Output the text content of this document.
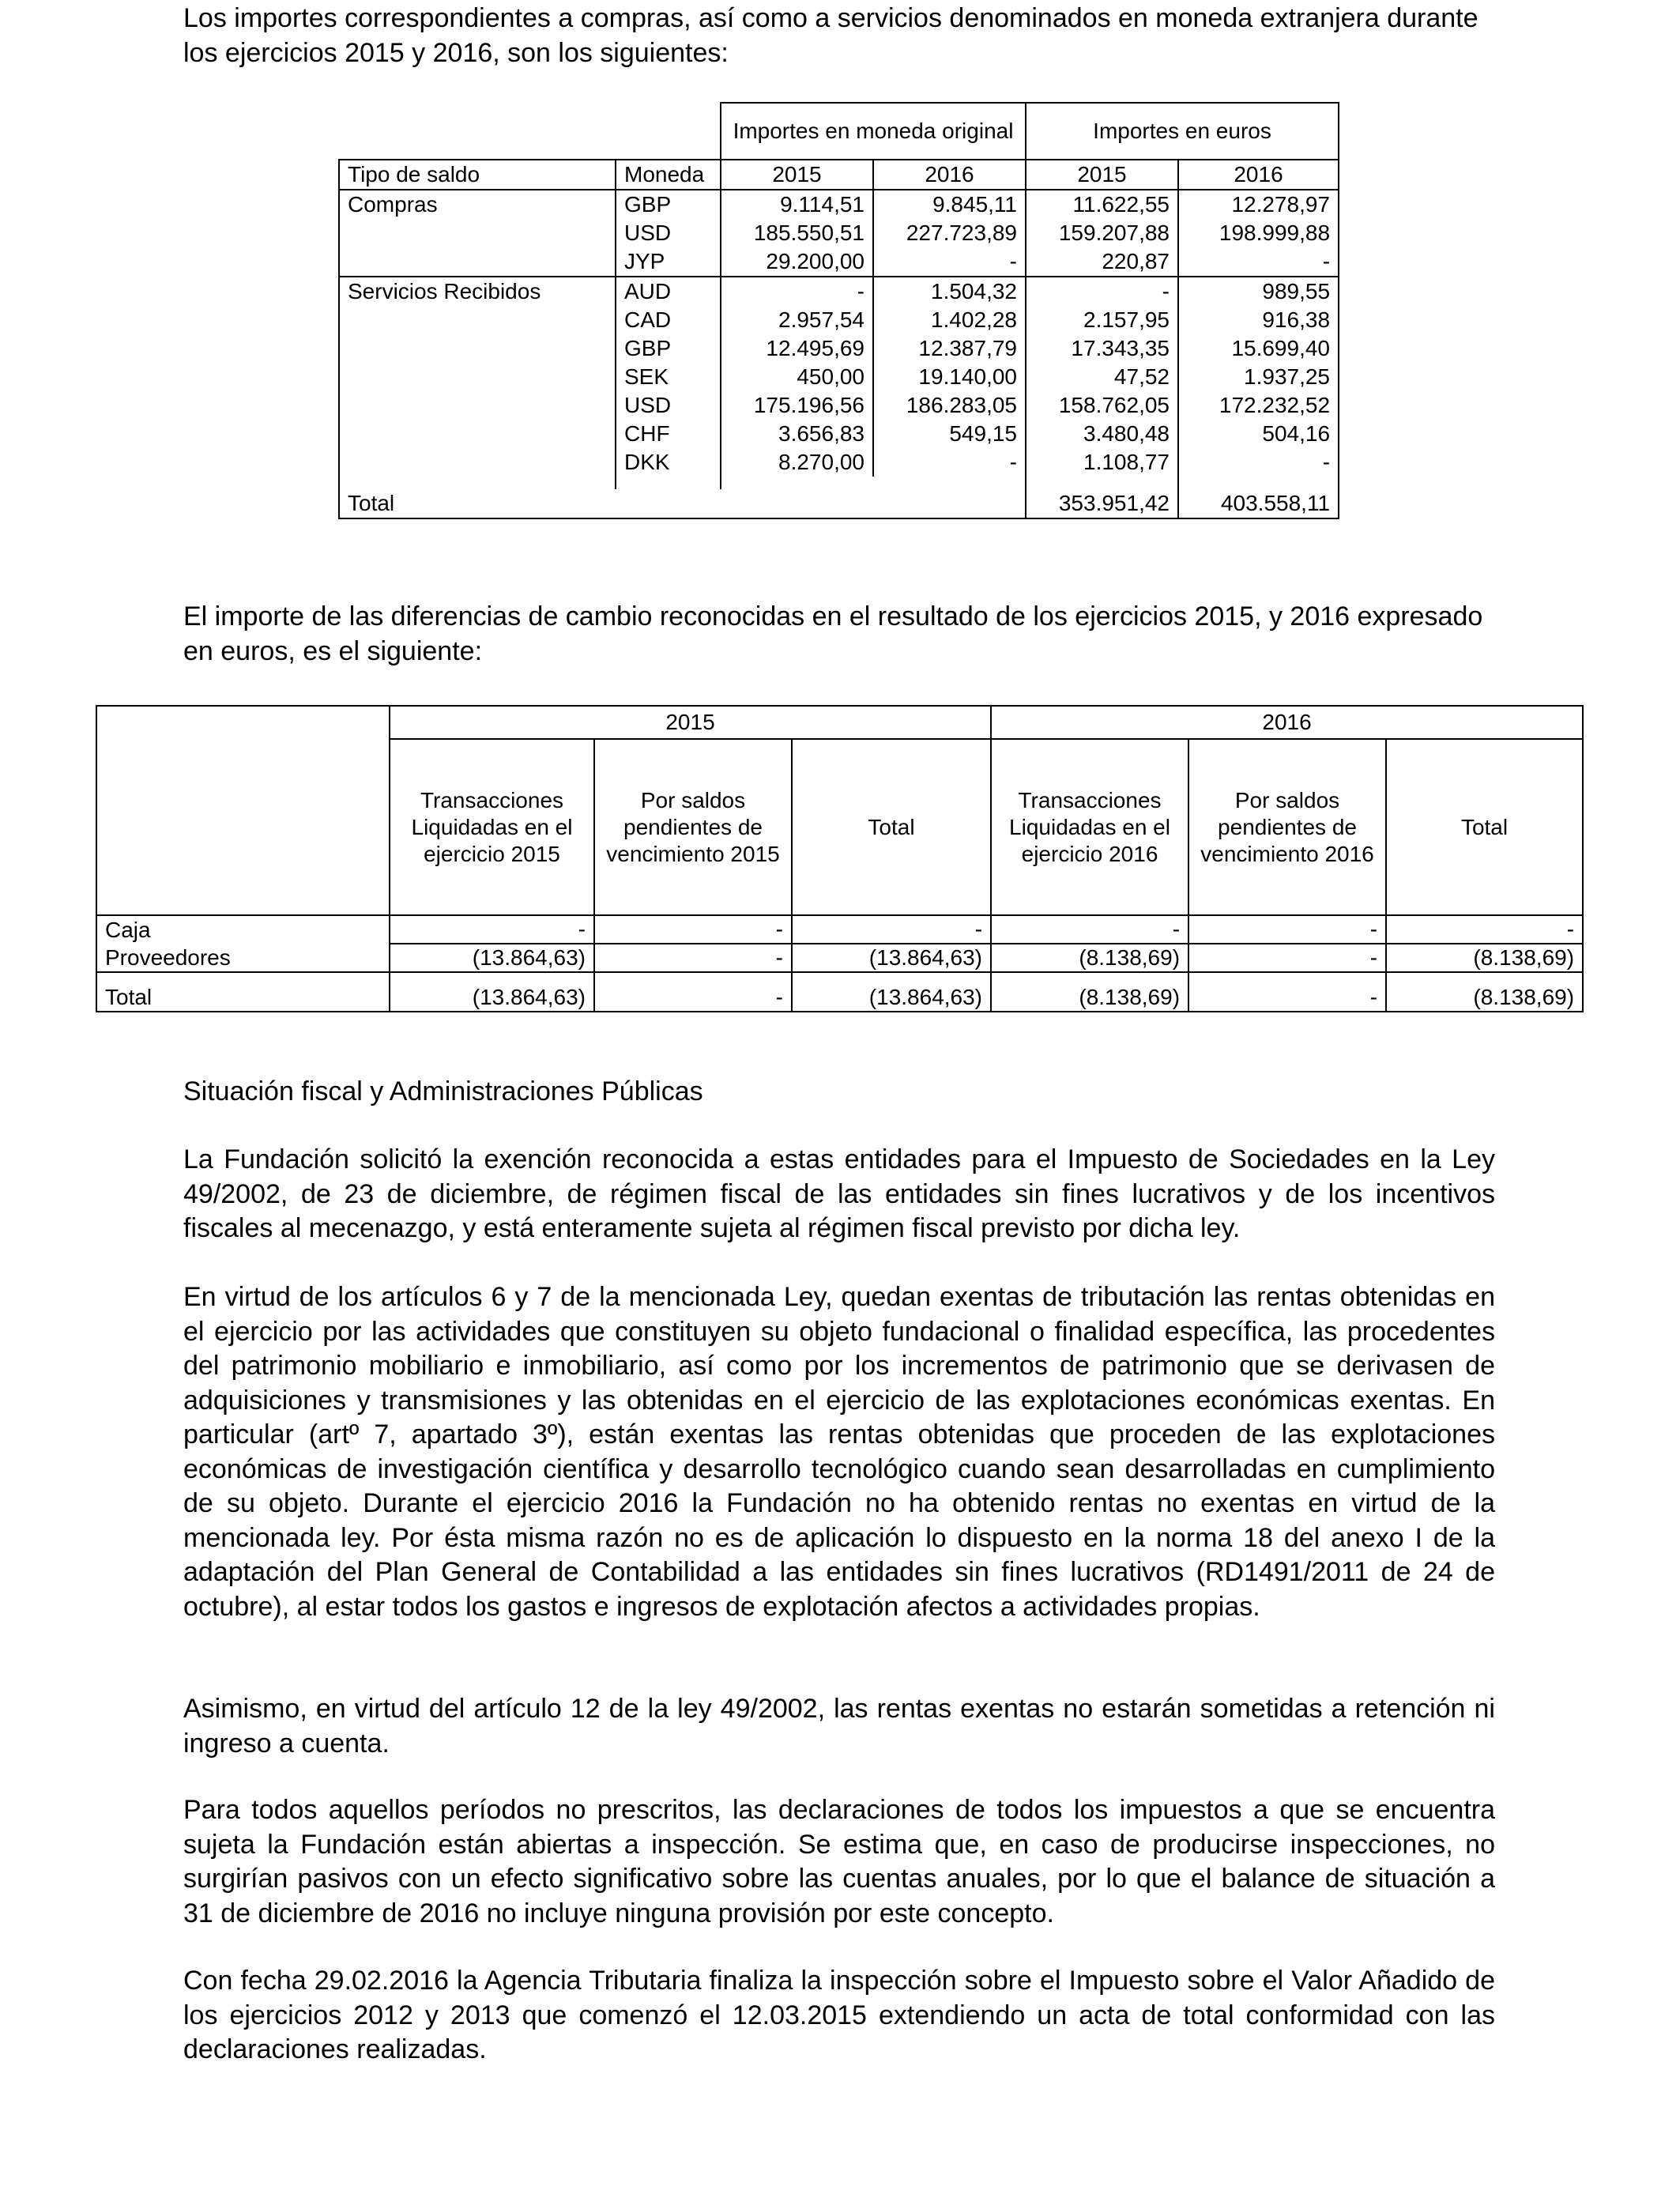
Los importes correspondientes a compras, así como a servicios denominados en moneda extranjera durante los ejercicios 2015 y 2016, son los siguientes:

		Importes en moneda original		Importes en euros	
Tipo de saldo	Moneda	2015	2016	2015	2016
Compras	GBP	9.114,51	9.845,11	11.622,55	12.278,97
	USD	185.550,51	227.723,89	159.207,88	198.999,88
	JYP	29.200,00	-	220,87	-
Servicios Recibidos	AUD	-	1.504,32	-	989,55
	CAD	2.957,54	1.402,28	2.157,95	916,38
	GBP	12.495,69	12.387,79	17.343,35	15.699,40
	SEK	450,00	19.140,00	47,52	1.937,25
	USD	175.196,56	186.283,05	158.762,05	172.232,52
	CHF	3.656,83	549,15	3.480,48	504,16
	DKK	8.270,00	-	1.108,77	-

Total				353.951,42	403.558,11

El importe de las diferencias de cambio reconocidas en el resultado de los ejercicios 2015, y 2016 expresado en euros, es el siguiente:

	2015			2016		
	Transacciones Liquidadas en el ejercicio 2015	Por saldos pendientes de vencimiento 2015	Total	Transacciones Liquidadas en el ejercicio 2016	Por saldos pendientes de vencimiento 2016	Total
Caja	-	-	-	-	-	-
Proveedores	(13.864,63)	-	(13.864,63)	(8.138,69)	-	(8.138,69)

Total	(13.864,63)	-	(13.864,63)	(8.138,69)	-	(8.138,69)

Situación fiscal y Administraciones Públicas

La Fundación solicitó la exención reconocida a estas entidades para el Impuesto de Sociedades en la Ley 49/2002, de 23 de diciembre, de régimen fiscal de las entidades sin fines lucrativos y de los incentivos fiscales al mecenazgo, y está enteramente sujeta al régimen fiscal previsto por dicha ley.

En virtud de los artículos 6 y 7 de la mencionada Ley, quedan exentas de tributación las rentas obtenidas en el ejercicio por las actividades que constituyen su objeto fundacional o finalidad específica, las procedentes del patrimonio mobiliario e inmobiliario, así como por los incrementos de patrimonio que se derivasen de adquisiciones y transmisiones y las obtenidas en el ejercicio de las explotaciones económicas exentas. En particular (artº 7, apartado 3º), están exentas las rentas obtenidas que proceden de las explotaciones económicas de investigación científica y desarrollo tecnológico cuando sean desarrolladas en cumplimiento de su objeto. Durante el ejercicio 2016 la Fundación no ha obtenido rentas no exentas en virtud de la mencionada ley. Por ésta misma razón no es de aplicación lo dispuesto en la norma 18 del anexo I de la adaptación del Plan General de Contabilidad a las entidades sin fines lucrativos (RD1491/2011 de 24 de octubre), al estar todos los gastos e ingresos de explotación afectos a actividades propias.

Asimismo, en virtud del artículo 12 de la ley 49/2002, las rentas exentas no estarán sometidas a retención ni ingreso a cuenta.

Para todos aquellos períodos no prescritos, las declaraciones de todos los impuestos a que se encuentra sujeta la Fundación están abiertas a inspección. Se estima que, en caso de producirse inspecciones, no surgirían pasivos con un efecto significativo sobre las cuentas anuales, por lo que el balance de situación a 31 de diciembre de 2016 no incluye ninguna provisión por este concepto.

Con fecha 29.02.2016 la Agencia Tributaria finaliza la inspección sobre el Impuesto sobre el Valor Añadido de los ejercicios 2012 y 2013 que comenzó el 12.03.2015 extendiendo un acta de total conformidad con las declaraciones realizadas.
